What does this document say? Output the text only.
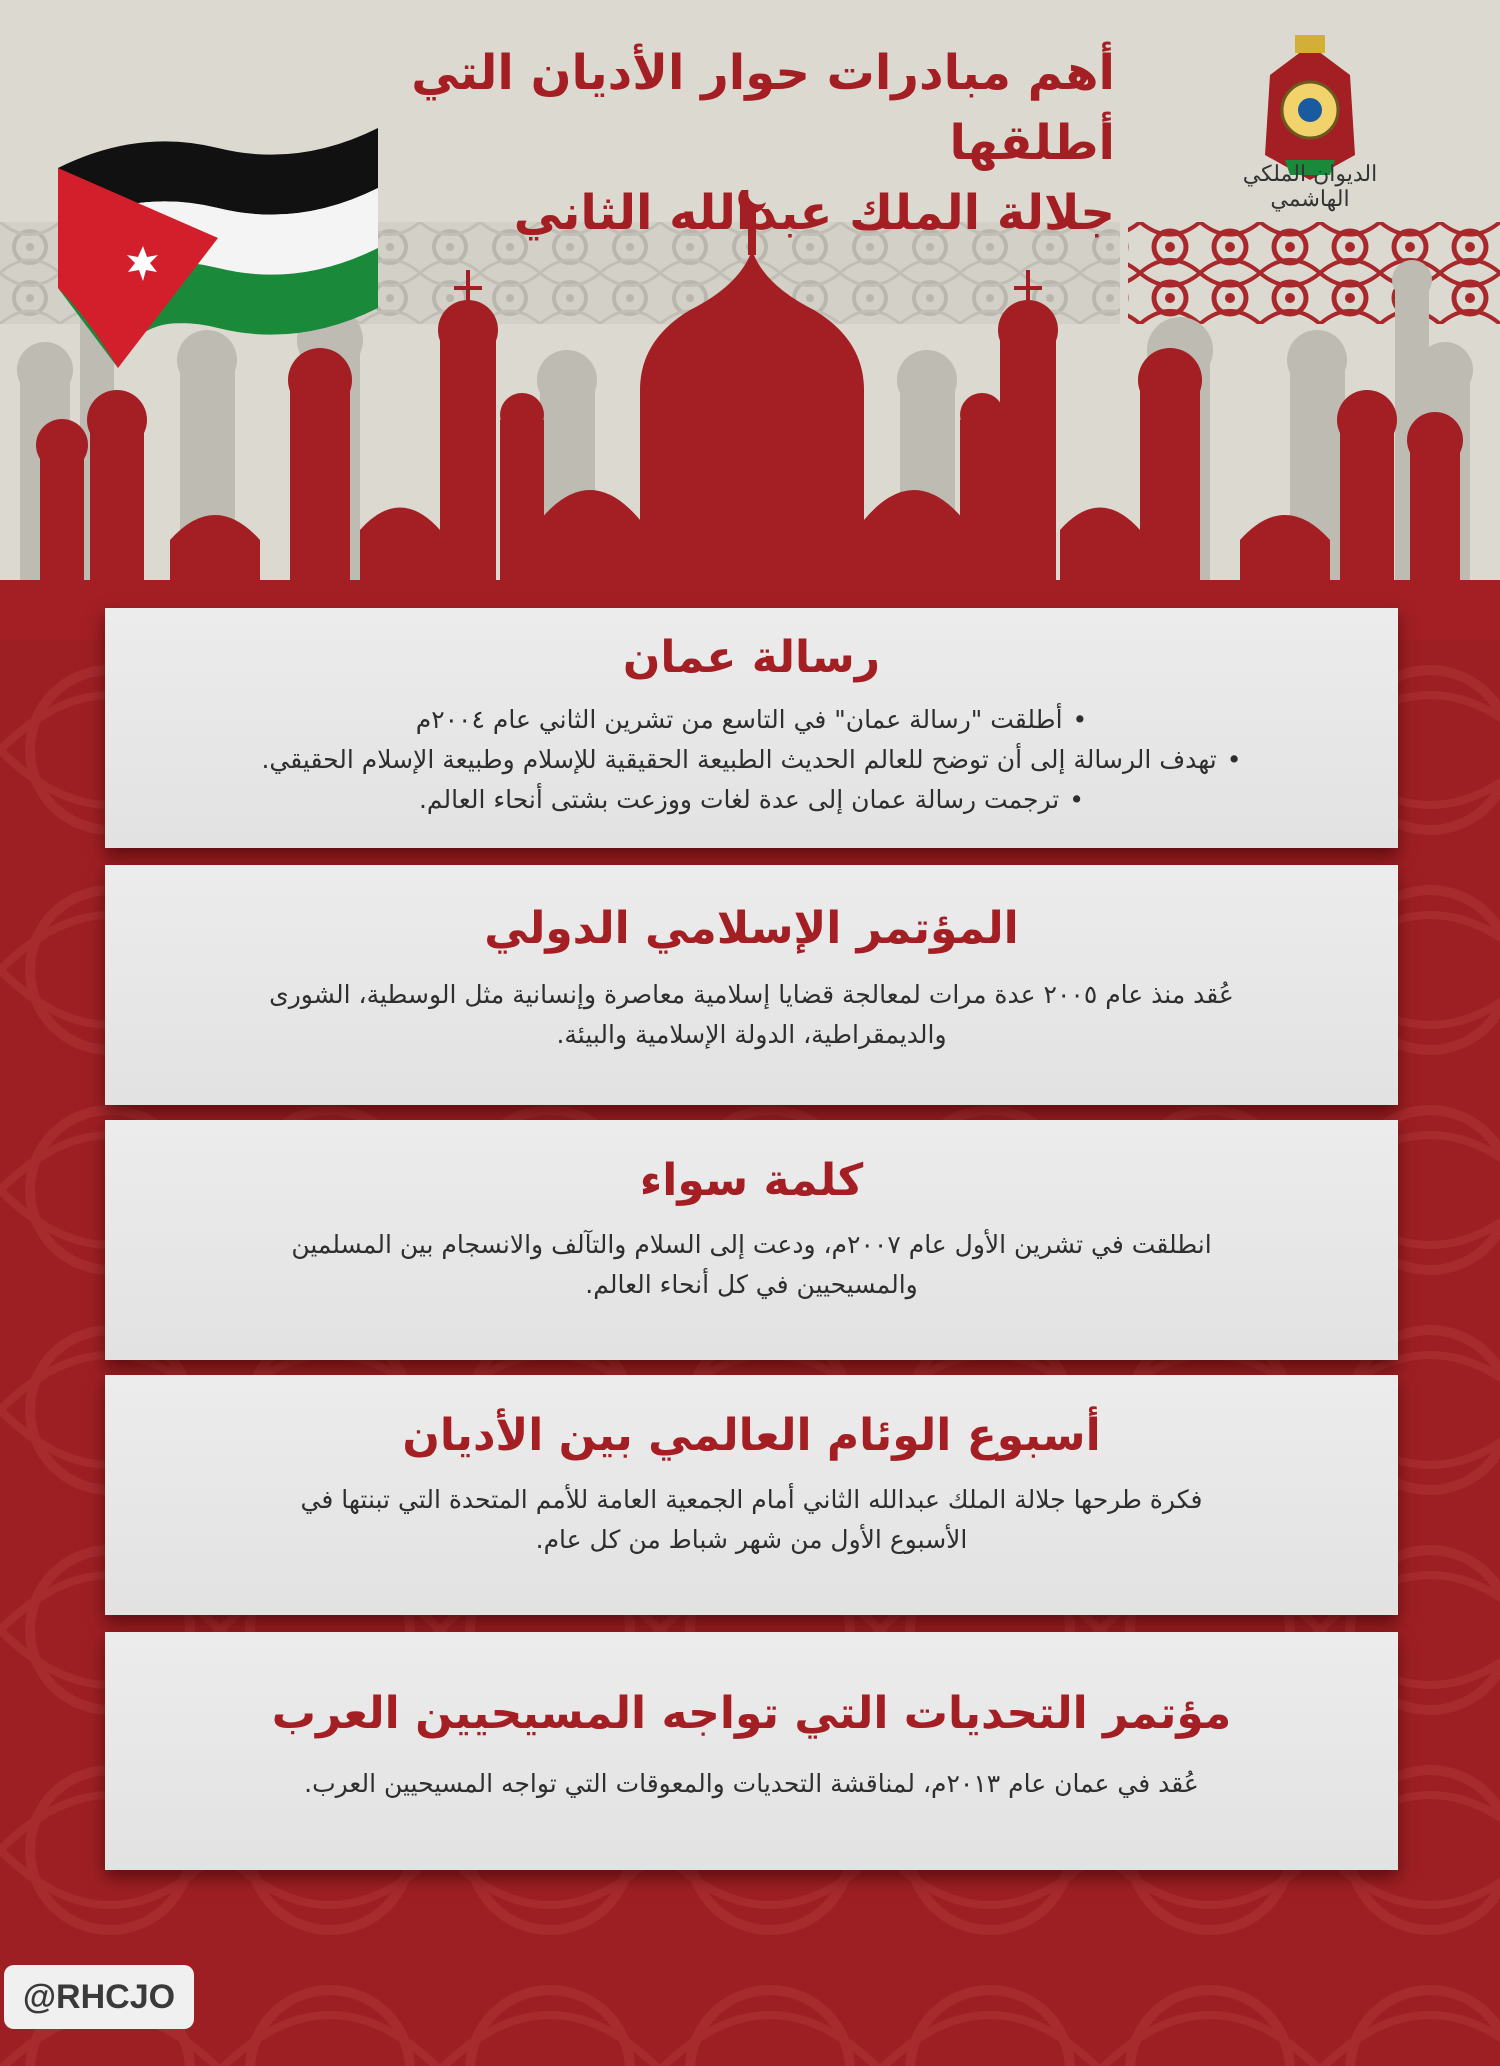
أهم مبادرات حوار الأديان التي أطلقها
جلالة الملك عبدالله الثاني
الديوان الملكي الهاشمي
رسالة عمان
• أطلقت "رسالة عمان" في التاسع من تشرين الثاني عام ٢٠٠٤م
• تهدف الرسالة إلى أن توضح للعالم الحديث الطبيعة الحقيقية للإسلام وطبيعة الإسلام الحقيقي.
• ترجمت رسالة عمان إلى عدة لغات ووزعت بشتى أنحاء العالم.
المؤتمر الإسلامي الدولي
عُقد منذ عام ٢٠٠٥ عدة مرات لمعالجة قضايا إسلامية معاصرة وإنسانية مثل الوسطية، الشورى
والديمقراطية، الدولة الإسلامية والبيئة.
كلمة سواء
انطلقت في تشرين الأول عام ٢٠٠٧م، ودعت إلى السلام والتآلف والانسجام بين المسلمين
والمسيحيين في كل أنحاء العالم.
أسبوع الوئام العالمي بين الأديان
فكرة طرحها جلالة الملك عبدالله الثاني أمام الجمعية العامة للأمم المتحدة التي تبنتها في
الأسبوع الأول من شهر شباط من كل عام.
مؤتمر التحديات التي تواجه المسيحيين العرب
عُقد في عمان عام ٢٠١٣م، لمناقشة التحديات والمعوقات التي تواجه المسيحيين العرب.
@RHCJO
